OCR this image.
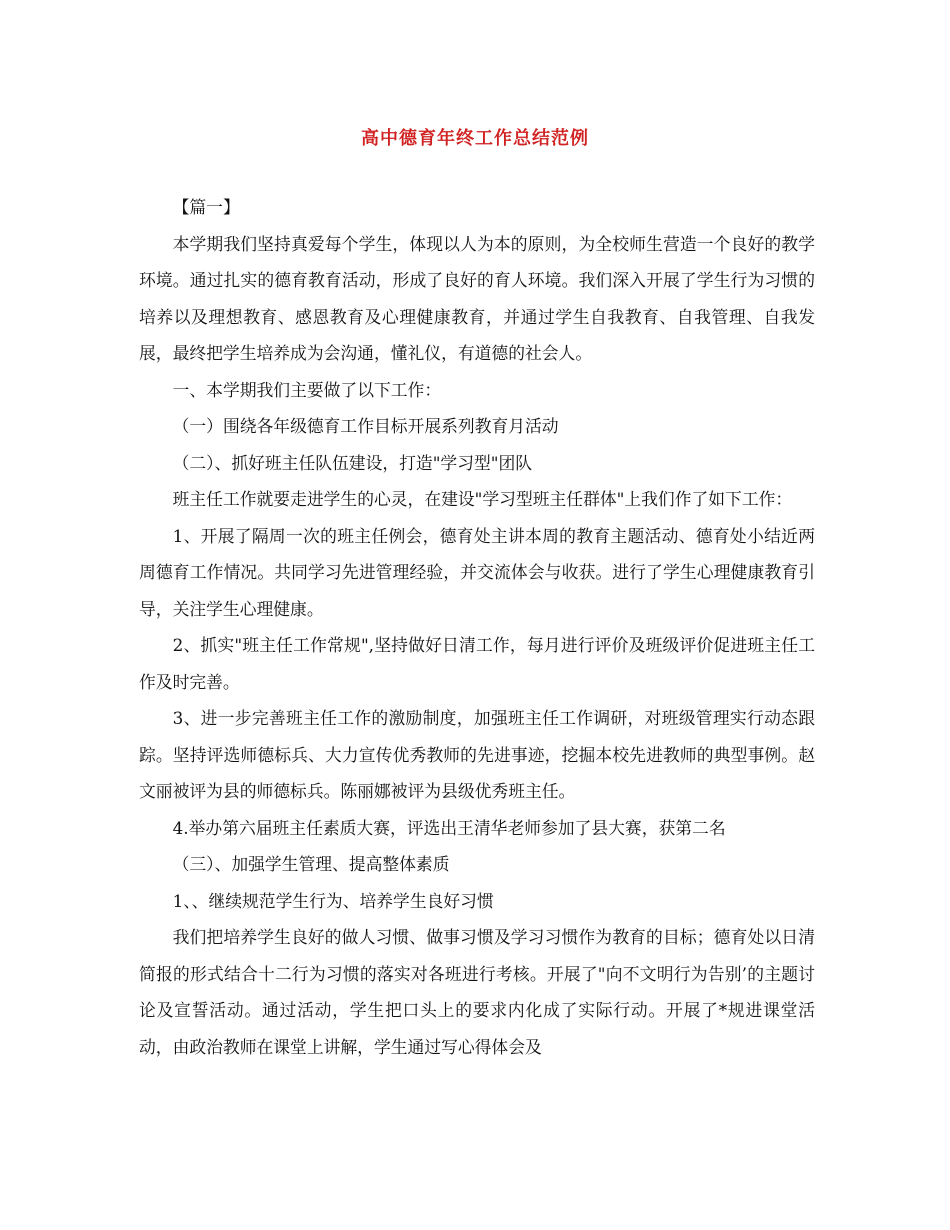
高中德育年终工作总结范例

【篇一】

本学期我们坚持真爱每个学生，体现以人为本的原则，为全校师生营造一个良好的教学环境。通过扎实的德育教育活动，形成了良好的育人环境。我们深入开展了学生行为习惯的培养以及理想教育、感恩教育及心理健康教育，并通过学生自我教育、自我管理、自我发展，最终把学生培养成为会沟通，懂礼仪，有道德的社会人。

一、本学期我们主要做了以下工作：

（一）围绕各年级德育工作目标开展系列教育月活动

（二）、抓好班主任队伍建设，打造"学习型"团队

班主任工作就要走进学生的心灵，在建设"学习型班主任群体"上我们作了如下工作：

1、开展了隔周一次的班主任例会，德育处主讲本周的教育主题活动、德育处小结近两周德育工作情况。共同学习先进管理经验，并交流体会与收获。进行了学生心理健康教育引导，关注学生心理健康。

2、抓实"班主任工作常规",坚持做好日清工作，每月进行评价及班级评价促进班主任工作及时完善。

3、进一步完善班主任工作的激励制度，加强班主任工作调研，对班级管理实行动态跟踪。坚持评选师德标兵、大力宣传优秀教师的先进事迹，挖掘本校先进教师的典型事例。赵文丽被评为县的师德标兵。陈丽娜被评为县级优秀班主任。

4.举办第六届班主任素质大赛，评选出王清华老师参加了县大赛，获第二名

（三）、加强学生管理、提高整体素质

1、、继续规范学生行为、培养学生良好习惯

我们把培养学生良好的做人习惯、做事习惯及学习习惯作为教育的目标；德育处以日清简报的形式结合十二行为习惯的落实对各班进行考核。开展了"向不文明行为告别’的主题讨论及宣誓活动。通过活动，学生把口头上的要求内化成了实际行动。开展了*规进课堂活动，由政治教师在课堂上讲解，学生通过写心得体会及
